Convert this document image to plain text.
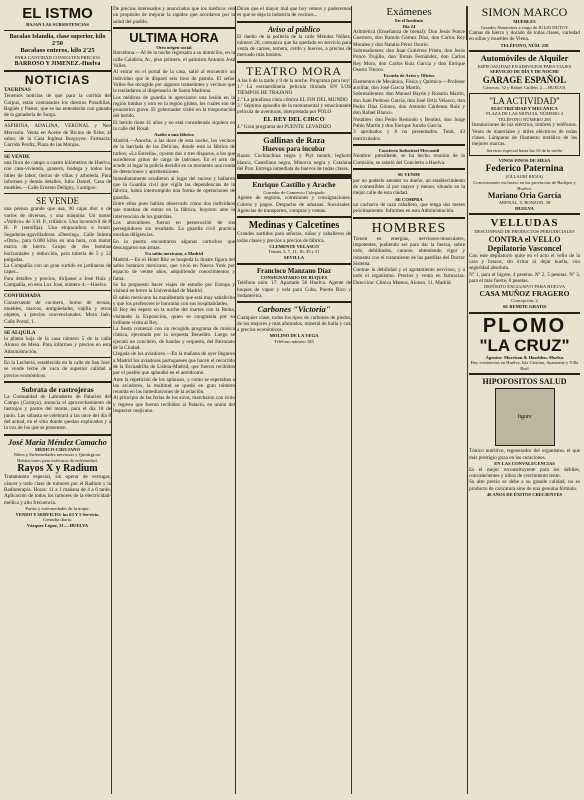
EL ISTMO

BAJAN LAS SUBSISTENCIAS

Bacalao Islandia, clase superior, kilo 2'50

Bacalaos enteros, kilo 2'25

PARA CANTIDAD CONSULTEN PRECIOS

BARROSO Y JIMENEZ.-Huelva

NOTICIAS

TAURINAS

Tenemos noticias de que para la corrida del Corpus, están contratados los diestros Posadillas, Bagüés y Pastor, que se las entenderán con ganado de la ganadería de Surga.

ASPIRINA, ADALINA, VERONAL y Neo Mercurio. Venta en Aceite de Ricino de fiche, al sabor, de la Casa Inglesa Burgoyne. Farmacia: Garrido Perdiz, Plaza de las Monjas.

SE VENDE

una finca de campo a cuatro kilómetros de Huelva, con casa-vivienda, granero, bodega y todos los útiles de labor, tierras de viñas y arboleda. Para informes y demás detalles, Julio Daniel, Casa de muebles.—Calle Ernesto Deligny, 3 antiguo.

SE VENDE

una prensa grande que usa, 90 cajas dlor o de varios de diversos, y una máquina. Un motor «Voltico» de 3 H. P., trifásico. Una locomóvil de 8 H. P. (semifija). Una empacadora a brazo. Segadoras-agavilladoras «Deering». Calle Iniesta «Otro», para 6.000 kilos en una hora, con motor marca de hierro. Grupo de dos bombas horizontales y reducción, para tubería de 5 y 12 pulgadas.

La Compañía con un gran surtido en jardineras de capes...

Para detalles y precios, diríjanse a José Ruíz y Compañía, en esta Lux José, número 4.—Huelva.

CONFIRMADA

Consecuente de cocinero, horno de recuas, muebles, marcos, antigüedades, vajilla y otros objetos, a precios convencionales. Mora Jaén, Calle Portal, 1.

SE ALQUILA

la planta baja de la casa número 5 de la calle Alonso de Mesa. Para informes y precios en esta Administración.

En la Lechería, establecida en la calle de San José, se vende leche de vaca de superior calidad a precios económicos.

Subrata de rastrojeras

La Comunidad de Labradores de Palacios del Campo (Cartaya), anuncia el aprovechamiento de rastrojos y pastos del monte, para el día 18 de junio. Las subasta se celebrará a las once del día 8 del actual, en el sitio donde quedan explicados y a la voz de los que se presenten.

José María Méndez Camacho

MÉDICO-CIRUJANO

Niños y Enfermedades nerviosas y Quirúrgicas. Habitaciones para enfermos de enfermedad.

Rayos X y Radium

Tratamiento especial, sin operar de verrugas, cáncer y todo clase de tumores por el Radium y la Radioterapia. Horas: 11 a 1 mañana de 4 a 6 tarde. Aplicación de todos los tumores de la electricidad-médica y alto frecuencia.

Partos y enfermedades de la mujer.

VENDO Y SERVICIO: los 63 Y 5 Servicio.

Consulta diaria.

Vázquez López, 21.—HUELVA

De precios interesados y anunciados que los médicos ven un propósito de mejorar la rapidez que acordaron por la salud del pueblo.

ULTIMA HORA

Otro origen social

Barcelona.—Al de la noche regresaba a su domicilio, en la calle Calabria, Ac, piso primero, el palmista Antonio José Valles.

Al entrar en el portal de la casa, salió al encuentro un individuo que le disparó seis tiros de pistola. El señor Valles fue recogido por algunos transeúntes y vecinos que le trasladaron al dispensario de Santa Madrona.

Los médicos de guardia le apreciaron una lesión en la región lumbar y otro en la región glútea, los cuales son de pronóstico grave. El gobernador visitó en la trasportación del herido.

El herido tiene 41 años y no está considerado siquiera en la calle del Rosal.

Asalto a una fábrica

Madrid.—Anoche, a las doce de esta noche, los vecinos de la barriada de las Delicias, donde está la fábrica de turbos, «La Estrella», oyeron dos o tres disparos, a los que sucedieron gritos de carga de ladrones. En el acto de acudir al lugar la policía decidió en su momento una ronda de detenciones y aprehensiones.

Inmediatamente acudieron al lugar del suceso y hallaron que la Guardia civil que vigila las dependencias de la fábrica, había interrumpido una forma de operaciones de guardia.

Entre ellos pues habían observado cómo dos individuos que trataban de entrar en la fábrica, huyeron ante la intervención de los guardias.

Los atracadores fueron en persecución de sus perseguidores sin resultado. La guardia civil practica muchas diligencias.

En la puerta encontraron algunas cartuchos que descargaron sus armas.

Un sabio mexicano, a Madrid

Madrid.—En el Hotel Ritz se hospeda la ilustre figura del sabio botánico mexicano, que vivió en Nueva York por espacio de veinte años, adquiriendo conocimientos y fama.

Se ha propuesto hacer viajes de estudio por Europa y visitará en breve la Universidad de Madrid.

El sabio mexicano ha manifestado que está muy satisfecho y que los profesores le honrarán con sus hospitalidades.

El Rey les espera en la noche del martes con la Reina, visitando la Exposición, quien se congratula por su brillante visita al Rey.

La fiesta comenzó con un recogido programa de música clásica, ejecutada por la orquesta Benedito. Luego se ejecutó un concierto, de bandas y orquesta, del Patronato de la Ciudad.

Llegada de los aviadores.—En la mañana de ayer llegaron a Madrid los aviadores portugueses que hacen el recorrido de la Escuadrilla de Lisboa-Madrid, que fueron recibidos por el pueblo que aplaudió en el aeródromo.

Ante la repetición de los aplausos, y como se esperaban a los aviadores, la multitud se quedó en gran número reunida en las inmediaciones de la aviación.

Al principio de las ferias de los sicos, marcharon con éxito y regreso que fueron recibidos al Palacio, en unión del inspector mejicano.

Dicen que el mayor mal que hoy vemos y padecemos es que se deja la industria de vecinos...

Aviso al público

El dueño de la pollería de la calle Méndez Núñez, número 20, comunica que ha quedado en servicio para venta de carnes, ternera, cerdo y huevos, a precios de mercado más baratos.

TEATRO MORA

A las 6 de la tarde y 9 de la noche. Programa para hoy:

1.º La extraordinaria película titulada EN LOS TIEMPOS DE TRAJANO

2.º La grandiosa cinta cómica EL FIN DEL MUNDO

3.º Séptimo episodio de la monumental y emocionante película de aventuras, interpretada por POLO

EL REY DEL CIRCO

4.º Gran programa del PUENTE LEVADIZO

Gallinas de Raza

Huevos para incubar

Razas: Cochinchina negra y Plyt mouth, leghorn blanca, Castellana negra, Minorca negra y Catalana del Prat. Entrega inmediata de huevos de todas clases.

Enrique Castillo y Arache

Corredor de Comercio Colegiado

Agente de seguros, comisiones y consignaciones. Cobros y pagos. Despacho de aduanas. Sucursales: Agencias de transportes, compras y ventas.

Medinas y Calcetines

Grandes surtidos para señoras, niños y caballeros de todas clases y precios a precios de fábrica.

CLEMENTE VELASCO

Tetuán, 5, 7, 11, 16, 35 y 21

SEVILLA

Francisco Manzano Díaz

CONSIGNATARIO DE BUQUES

Teléfono núm. 17. Apartado 56 Huelva. Agente de buques de vapor y vela para Cuba, Puerto Rico y Sudamérica.

Carbones "Victoria"

Cualquier clase, todos los tipos de carbones de piedra, de los mejores y más afamados, mineral de hulla y cok a precios económicos.

MOLINO DE LA VEGA

Teléfono número 185

Exámenes

En el Instituto

Día 24

Aritmética (Enseñanza de bienal): Don Jesús Ponce Guerrero, don Ramón Gómez Díaz, don Carlos Rey Morales y don Natalio Pérez Osorio.

Sobresalientes: don Juan Gutiérrez Prieto, don Jesús Ponce Trujillo, don Tomás Fernández, don Carlos Rey Mora, don Carlos Ruiz García y don Enrique Osorio Tinoco.

Escuela de Artes y Oficios

Elementos de Mecánica, Física y Química.—Profesor auxiliar, don José García Martín.

Sobresalientes: don Manuel Bayón y Rosario Martín, don Juan Pedroso García, don José Ortiz Velasco, don Pedro Díaz Gómez, don Antonio Cárdenas Ruíz y don Rafael Blanco.

Notables: don Pedro Redondo y Benítez, don Jorge Pablo Martín y don Enrique Jurado García.

3 aprobados y 8 no presentados. Total, 43 matriculados.

Concierto Industrial Mercantil

Nombre: presidente, se ha hecho reunión de la Comisión, se asistió del Concierto a Huelva.

SE VENDE

por no poderlo atender su dueño, un establecimiento de comestibles al por mayor y menor, situado en la mejor calle de esta ciudad.

SE COMPRA

un cachorro de raza caballero, que tenga dos meses próximamente. Informes en esta Administración.

HOMBRES

Tienen en energías, nerviosos-musculares, impotentes, pudiendo ser para dar la fuerza, sobre todo, debilitados, curarse, obteniendo vigor y robustez con el tratamiento de las pastillas del Doctor Sistema.

Contrae la debilidad y el agotamiento nervioso, y a todo el organismo. Precios y venta en farmacias. Dirección: Clínica Mateos, Alonso, 11, Madrid.

SIMON MARCO

MUEBLES

Grandes Almacenes a cargo de JULIO DUTOY

Camas de hierro y dorado de todas clases, variedad en sillas y muebles de Viena.

TELÉFONO, NÚM. 258

Automóviles de Alquiler

ESPECIALIDAD EN SERVICIOS PARA VIAJES

SERVICIO DE DÍA Y DE NOCHE

GARAGE ESPAÑOL

Cánovas, 52 y Rafael Guillén, 2.—HUELVA

"LA ACTIVIDAD"

ELECTRICIDAD Y MECÁNICA

PLAZA DE LAS MONJAS, NÚMERO 4

TELÉFONO NÚMERO 285

Instalaciones de luz eléctrica, timbres y teléfonos. Venta de materiales y útiles eléctricos de todas clases. Lámparas de filamento metálico de las mejores marcas.

Servicio especial hasta las 10 de la noche

VINOS FINOS DE MESA

Federico Paternina

(OLLAURI RIOJA)

Concesionario exclusivo en las provincias de Badajoz y Huelva:

Mariano Oria García

ARENAL, 9, BONZON, 38

HUELVA

VELLUDAS

DESCONFIAD DE PRODUCTOS PERJUDICIALES

CONTRA el VELLO

Depilatorio Vasconcel

Con este depilatorio quite en el acto el vello de la cara y brazos, sin irritar ni dejar huella, con seguridad absoluta.

Nº 1, para el bigote, 4 pesetas. Nº 2, 5 pesetas. Nº 3, para el más fuerte, 6 pesetas.

DEPÓSITO EXCLUSIVO PARA HUELVA

CASA MUÑOZ FRAGERO

Concepción, 2

SE REMITE GRATIS

PLOMO

"LA CRUZ"

Agentes: Morrison & Haselden.-Huelva

Hay existencias en Huelva, Isla Cristina, Ayamonte y Villa Real

HIPOFOSITOS SALUD

figure

Tónico nutritivo, regenerador del organismo, el que más prestigio goza en las curaciones.

EN LAS CONVALECENCIAS

Es el mejor reconstituyente para los débiles, convalecientes y niños de crecimiento lento.

Su alto precio se debe a su grande calidad, no es producto de caricatura sino de una genuina fórmula.

40 AÑOS DE ÉXITOS CRECIENTES
